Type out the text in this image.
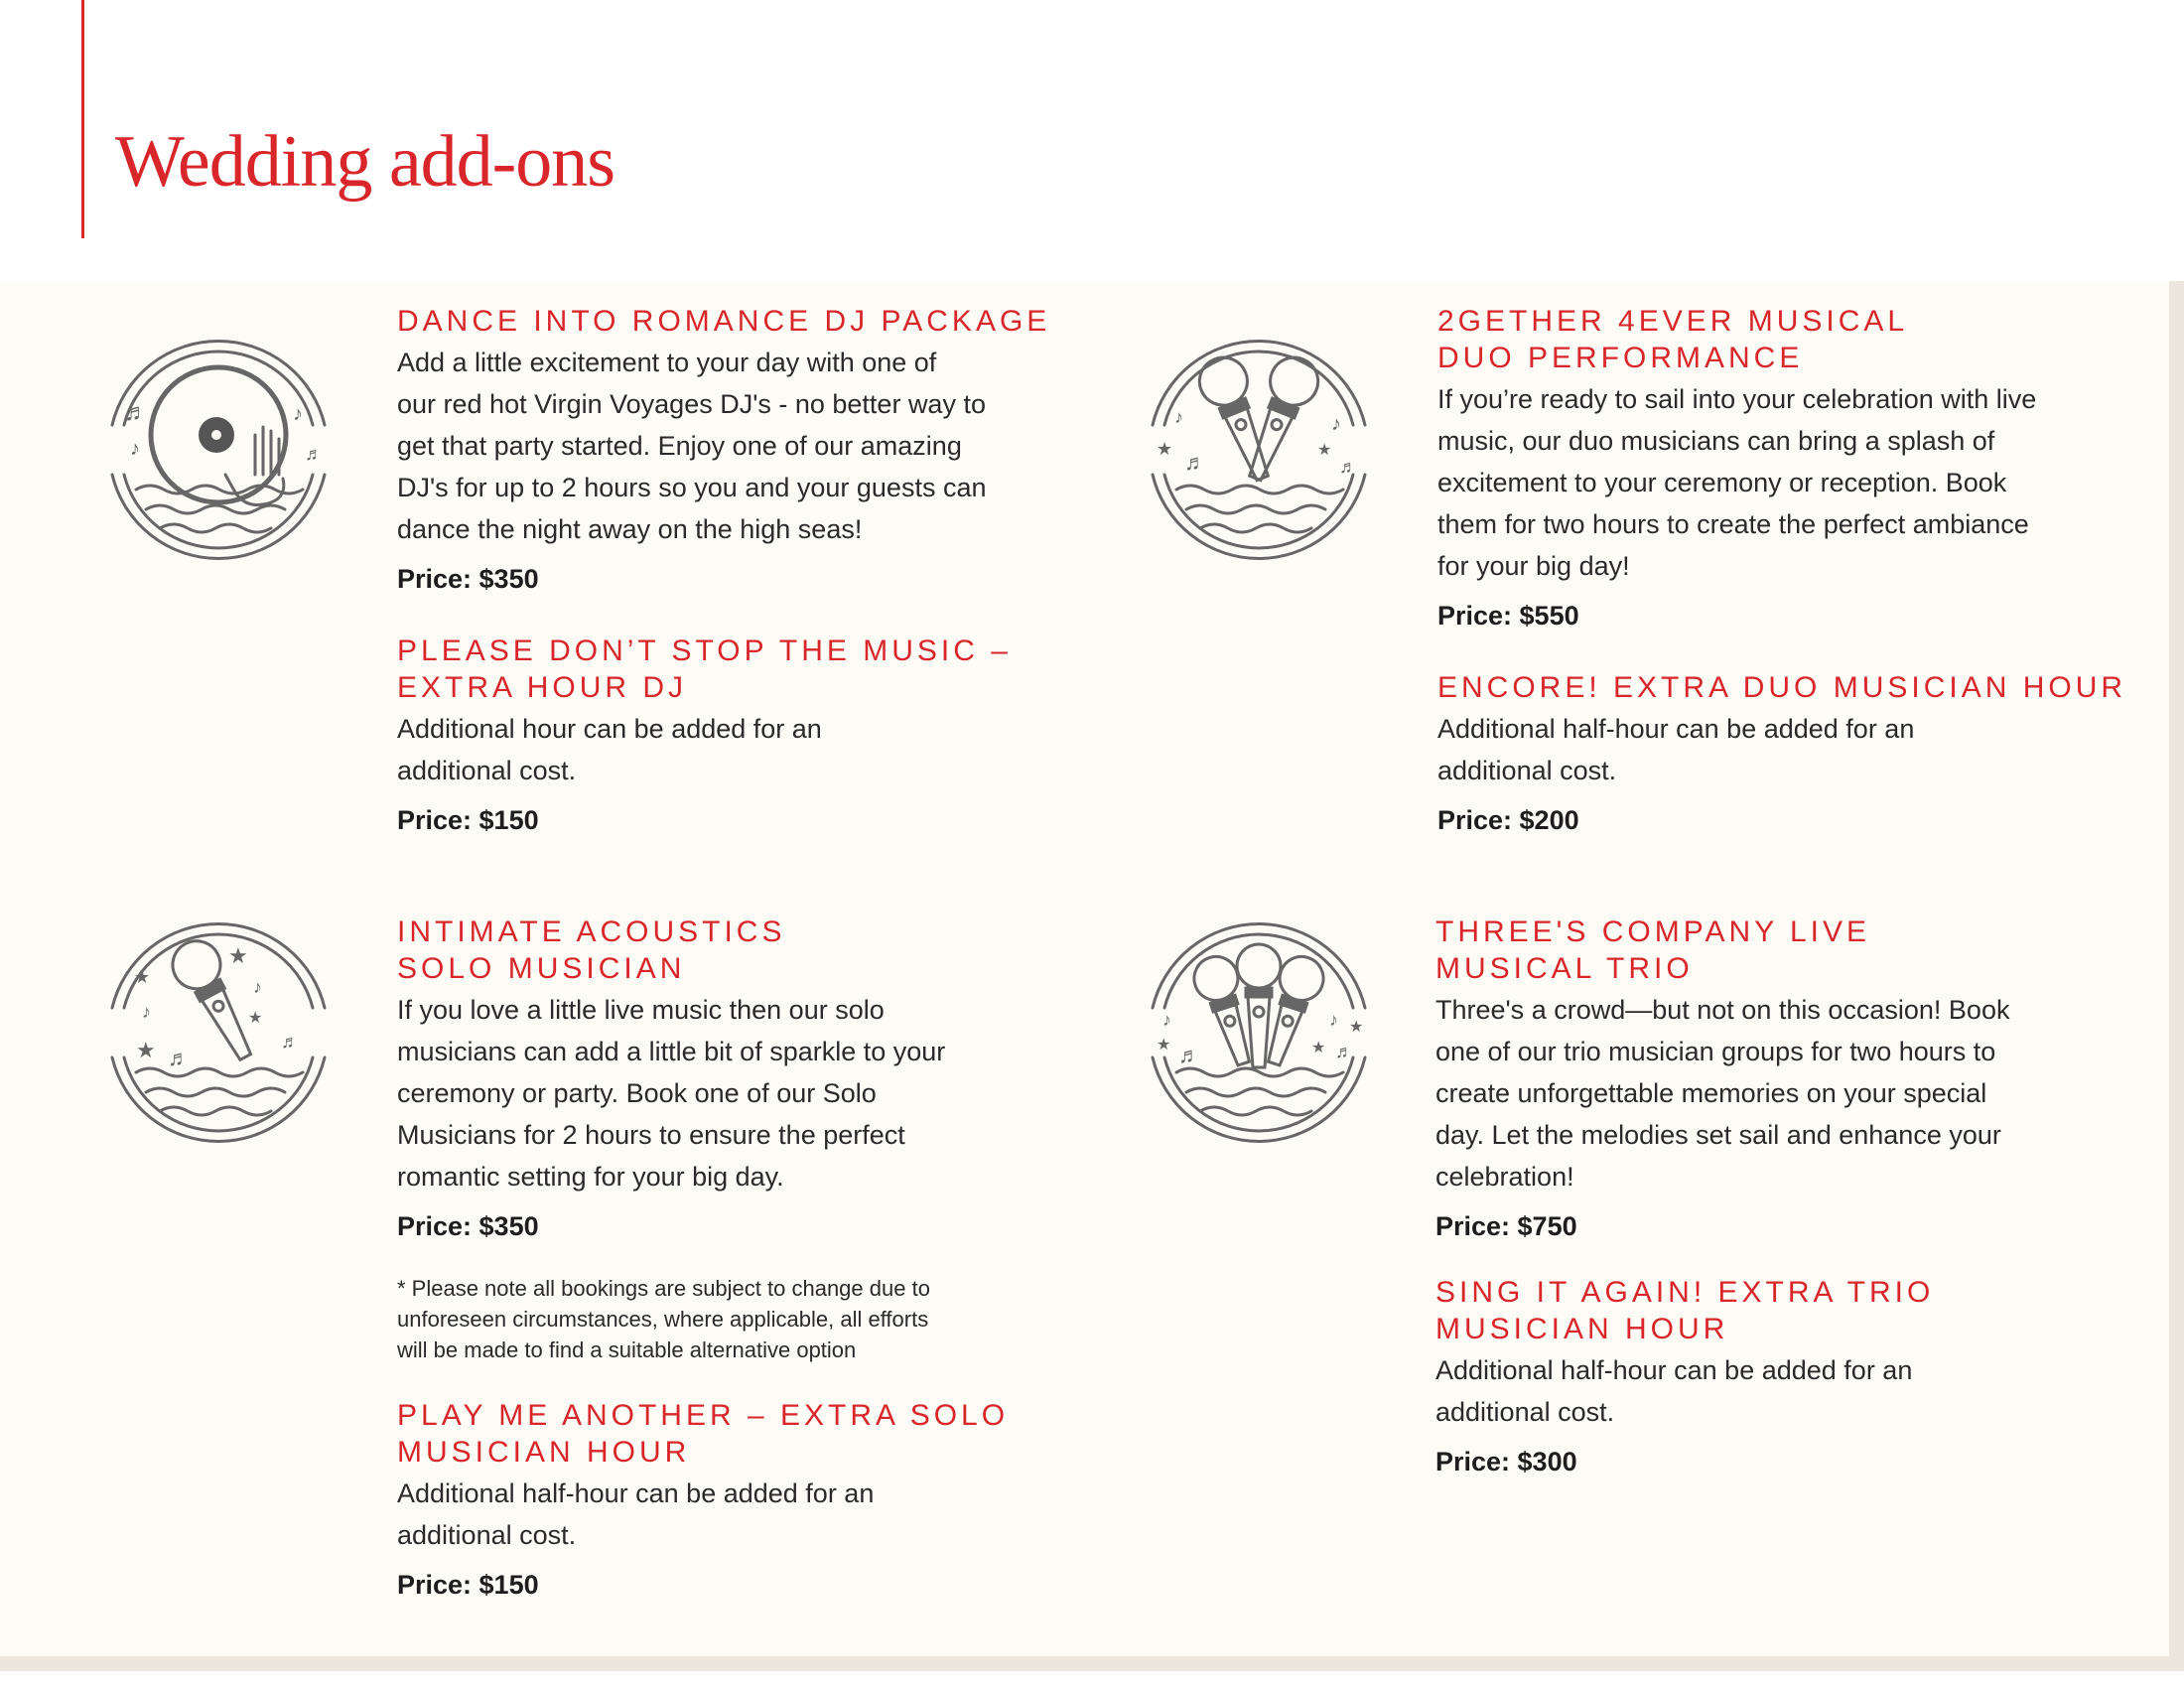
Wedding add-ons
♬
♪
♪
♬
♪
★
♬
♪
★
♬
★
♪
★ ♬
★
♪
★
♬
♪
★ ♬
♪ ★
★ ♬
DANCE INTO ROMANCE DJ PACKAGE

Add a little excitement to your day with one of
our red hot Virgin Voyages DJ's - no better way to
get that party started. Enjoy one of our amazing
DJ's for up to 2 hours so you and your guests can
dance the night away on the high seas!

Price: $350

PLEASE DON’T STOP THE MUSIC –
EXTRA HOUR DJ

Additional hour can be added for an
additional cost.

Price: $150

INTIMATE ACOUSTICS
SOLO MUSICIAN

If you love a little live music then our solo
musicians can add a little bit of sparkle to your
ceremony or party. Book one of our Solo
Musicians for 2 hours to ensure the perfect
romantic setting for your big day.

Price: $350

* Please note all bookings are subject to change due to
unforeseen circumstances, where applicable, all efforts
will be made to find a suitable alternative option

PLAY ME ANOTHER – EXTRA SOLO
MUSICIAN HOUR

Additional half-hour can be added for an
additional cost.

Price: $150

2GETHER 4EVER MUSICAL
DUO PERFORMANCE

If you’re ready to sail into your celebration with live
music, our duo musicians can bring a splash of
excitement to your ceremony or reception. Book
them for two hours to create the perfect ambiance
for your big day!

Price: $550

ENCORE! EXTRA DUO MUSICIAN HOUR

Additional half-hour can be added for an
additional cost.

Price: $200

THREE'S COMPANY LIVE
MUSICAL TRIO

Three's a crowd—but not on this occasion! Book
one of our trio musician groups for two hours to
create unforgettable memories on your special
day. Let the melodies set sail and enhance your
celebration!

Price: $750

SING IT AGAIN! EXTRA TRIO
MUSICIAN HOUR

Additional half-hour can be added for an
additional cost.

Price: $300
